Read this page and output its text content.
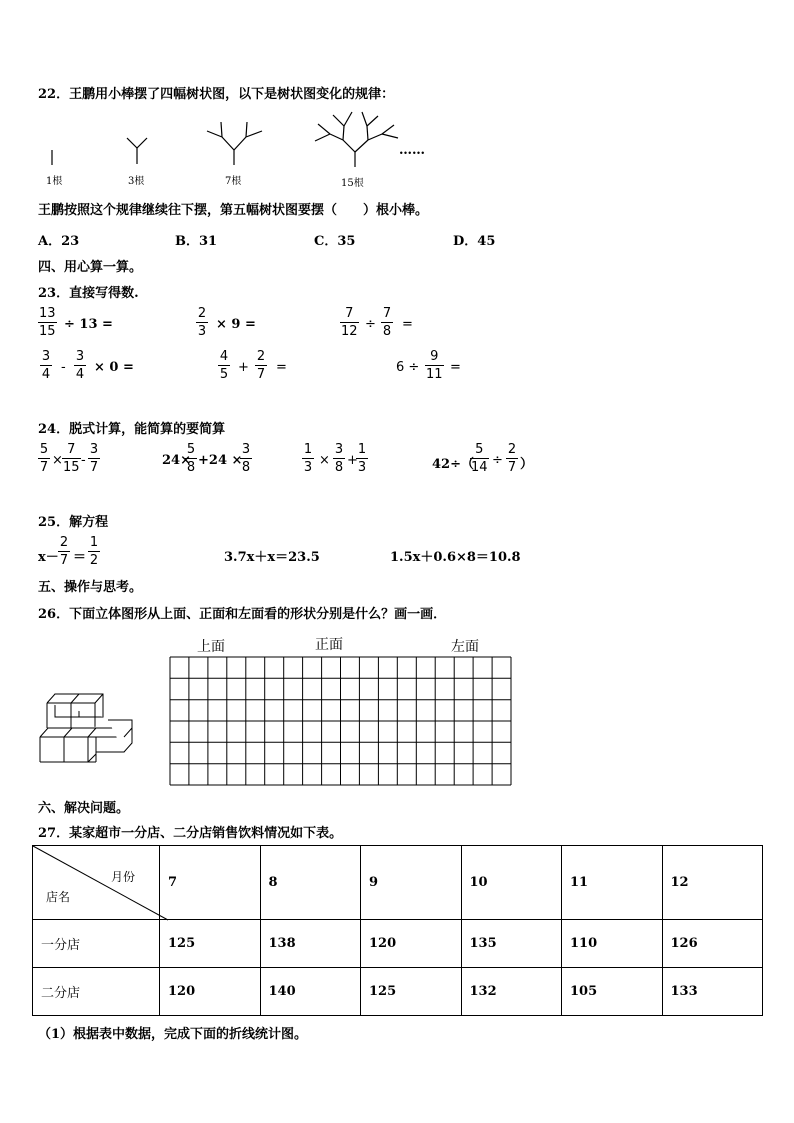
22．王鹏用小棒摆了四幅树状图，以下是树状图变化的规律：
……
1根	3根	7根	15根
王鹏按照这个规律继续往下摆，第五幅树状图要摆（　　）根小棒。
A．23	B．31	C．35	D．45
四、用心算一算。
23．直接写得数.
13
15 ÷ 13 =
2
3 × 9 =
7
12 ÷
7
8 =
3
4 -
3
4 × 0 =
4
5 +
2
7 =	6 ÷
9
11 =
24．脱式计算，能简算的要简算
5
7 ×
7
15 -
3
7	24×
5
8 +24 ×
3
8
1
3 ×
3
8 +
1
3	42÷（
5
14 ÷
2
7 ）
25．解方程
x－
2
7 ＝
1
2	3.7x＋x＝23.5	1.5x＋0.6×8＝10.8
五、操作与思考。
26．下面立体图形从上面、正面和左面看的形状分别是什么？画一画．
上面	正面	左面
六、解决问题。
27．某家超市一分店、二分店销售饮料情况如下表。
月份
店名	7	8	9	10	11	12
一分店	125	138	120	135	110	126
二分店	120	140	125	132	105	133
（1）根据表中数据，完成下面的折线统计图。
